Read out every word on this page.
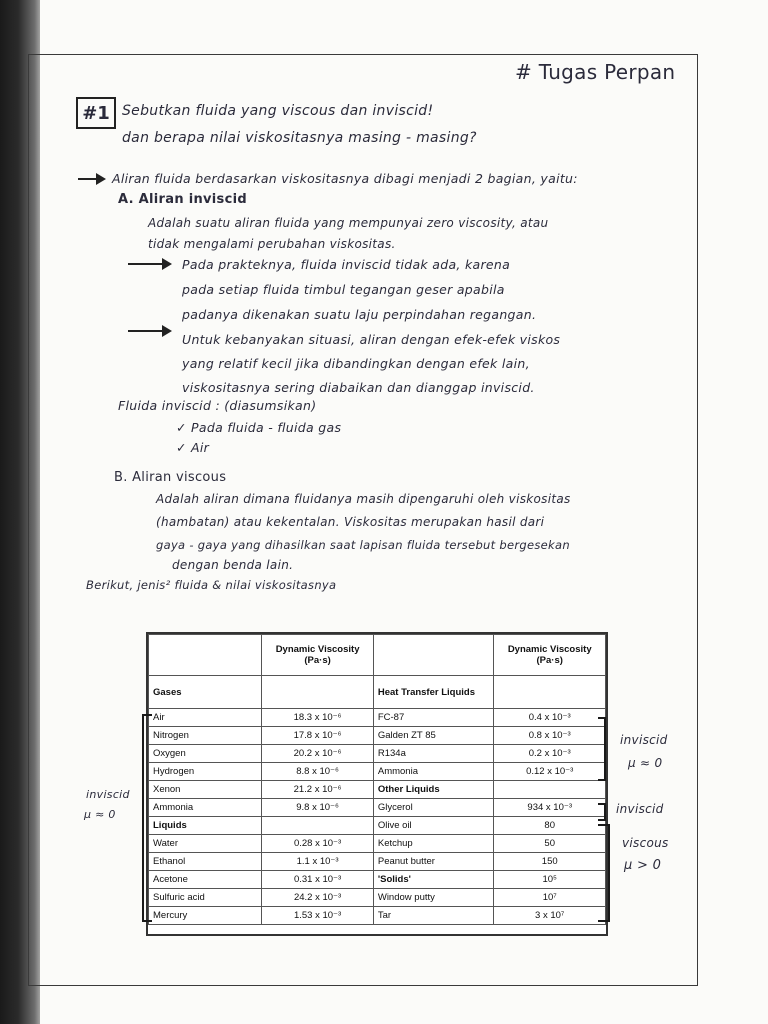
# Tugas Perpan
#1 Sebutkan fluida yang viscous dan inviscid!
dan berapa nilai viskositasnya masing - masing?
Aliran fluida berdasarkan viskositasnya dibagi menjadi 2 bagian, yaitu:
A. Aliran inviscid
Adalah suatu aliran fluida yang mempunyai zero viscosity, atau
tidak mengalami perubahan viskositas.
Pada prakteknya, fluida inviscid tidak ada, karena
pada setiap fluida timbul tegangan geser apabila
padanya dikenakan suatu laju perpindahan regangan.
Untuk kebanyakan situasi, aliran dengan efek-efek viskos
yang relatif kecil jika dibandingkan dengan efek lain,
viskositasnya sering diabaikan dan dianggap inviscid.
Fluida inviscid : (diasumsikan)
✓ Pada fluida - fluida gas
✓ Air
B. Aliran viscous
Adalah aliran dimana fluidanya masih dipengaruhi oleh viskositas
(hambatan) atau kekentalan. Viskositas merupakan hasil dari
gaya - gaya yang dihasilkan saat lapisan fluida tersebut bergesekan
dengan benda lain.
Berikut, jenis² fluida & nilai viskositasnya
	Dynamic Viscosity (Pa·s)		Dynamic Viscosity (Pa·s)
Gases		Heat Transfer Liquids	
Air	18.3 x 10⁻⁶	FC-87	0.4 x 10⁻³
Nitrogen	17.8 x 10⁻⁶	Galden ZT 85	0.8 x 10⁻³
Oxygen	20.2 x 10⁻⁶	R134a	0.2 x 10⁻³
Hydrogen	8.8 x 10⁻⁶	Ammonia	0.12 x 10⁻³
Xenon	21.2 x 10⁻⁶	Other Liquids	
Ammonia	9.8 x 10⁻⁶	Glycerol	934 x 10⁻³
Liquids		Olive oil	80
Water	0.28 x 10⁻³	Ketchup	50
Ethanol	1.1 x 10⁻³	Peanut butter	150
Acetone	0.31 x 10⁻³	'Solids'	10⁵
Sulfuric acid	24.2 x 10⁻³	Window putty	10⁷
Mercury	1.53 x 10⁻³	Tar	3 x 10⁷
inviscid
μ ≈ 0
inviscid
μ ≈ 0
inviscid
viscous
μ > 0
